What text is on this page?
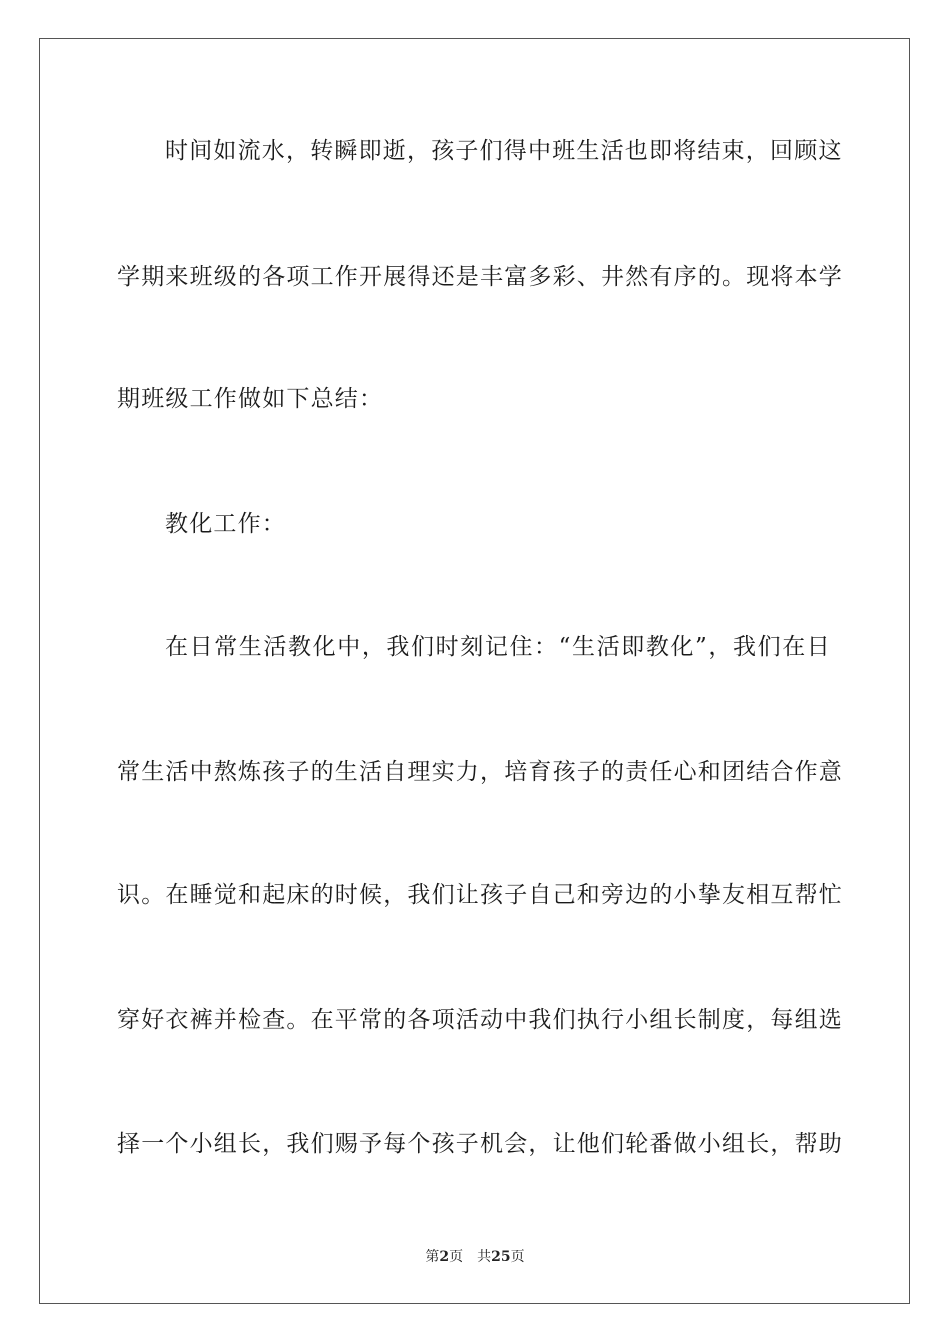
时间如流水，转瞬即逝，孩子们得中班生活也即将结束，回顾这
学期来班级的各项工作开展得还是丰富多彩、井然有序的。现将本学
期班级工作做如下总结：
教化工作：
在日常生活教化中，我们时刻记住：“生活即教化”，我们在日
常生活中熬炼孩子的生活自理实力，培育孩子的责任心和团结合作意
识。在睡觉和起床的时候，我们让孩子自己和旁边的小挚友相互帮忙
穿好衣裤并检查。在平常的各项活动中我们执行小组长制度，每组选
择一个小组长，我们赐予每个孩子机会，让他们轮番做小组长，帮助
第2页 共25页
